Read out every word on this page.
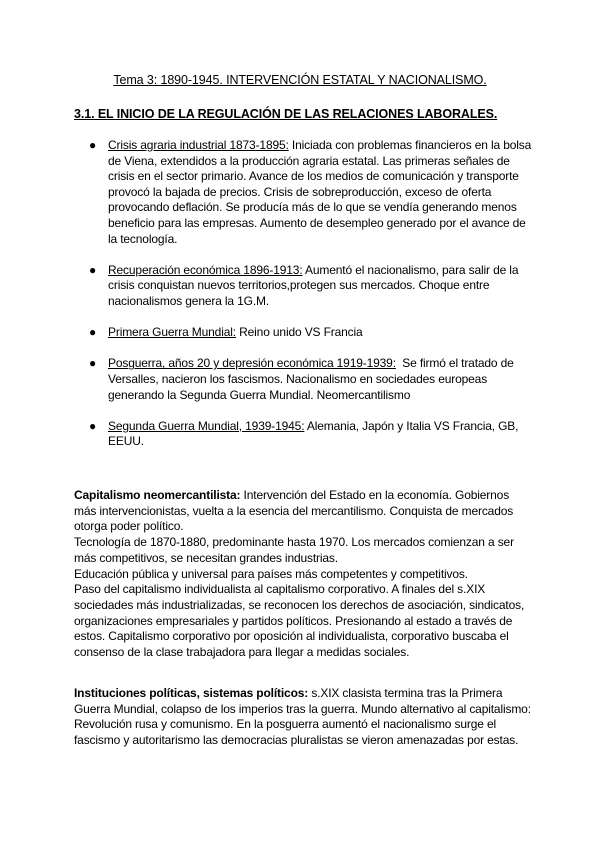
Tema 3: 1890-1945. INTERVENCIÓN ESTATAL Y NACIONALISMO.
3.1. EL INICIO DE LA REGULACIÓN DE LAS RELACIONES LABORALES.
● Crisis agraria industrial 1873-1895: Iniciada con problemas financieros en la bolsa de Viena, extendidos a la producción agraria estatal. Las primeras señales de crisis en el sector primario. Avance de los medios de comunicación y transporte provocó la bajada de precios. Crisis de sobreproducción, exceso de oferta provocando deflación. Se producía más de lo que se vendía generando menos beneficio para las empresas. Aumento de desempleo generado por el avance de la tecnología.
● Recuperación económica 1896-1913: Aumentó el nacionalismo, para salir de la crisis conquistan nuevos territorios,protegen sus mercados. Choque entre nacionalismos genera la 1G.M.
● Primera Guerra Mundial: Reino unido VS Francia
● Posguerra, años 20 y depresión económica 1919-1939:  Se firmó el tratado de Versalles, nacieron los fascismos. Nacionalismo en sociedades europeas generando la Segunda Guerra Mundial. Neomercantilismo
● Segunda Guerra Mundial, 1939-1945: Alemania, Japón y Italia VS Francia, GB, EEUU.

Capitalismo neomercantilista: Intervención del Estado en la economía. Gobiernos más intervencionistas, vuelta a la esencia del mercantilismo. Conquista de mercados otorga poder político.
Tecnología de 1870-1880, predominante hasta 1970. Los mercados comienzan a ser más competitivos, se necesitan grandes industrias.
Educación pública y universal para países más competentes y competitivos.
Paso del capitalismo individualista al capitalismo corporativo. A finales del s.XIX sociedades más industrializadas, se reconocen los derechos de asociación, sindicatos, organizaciones empresariales y partidos políticos. Presionando al estado a través de estos. Capitalismo corporativo por oposición al individualista, corporativo buscaba el consenso de la clase trabajadora para llegar a medidas sociales.

Instituciones políticas, sistemas políticos: s.XIX clasista termina tras la Primera Guerra Mundial, colapso de los imperios tras la guerra. Mundo alternativo al capitalismo: Revolución rusa y comunismo. En la posguerra aumentó el nacionalismo surge el fascismo y autoritarismo las democracias pluralistas se vieron amenazadas por estas.
